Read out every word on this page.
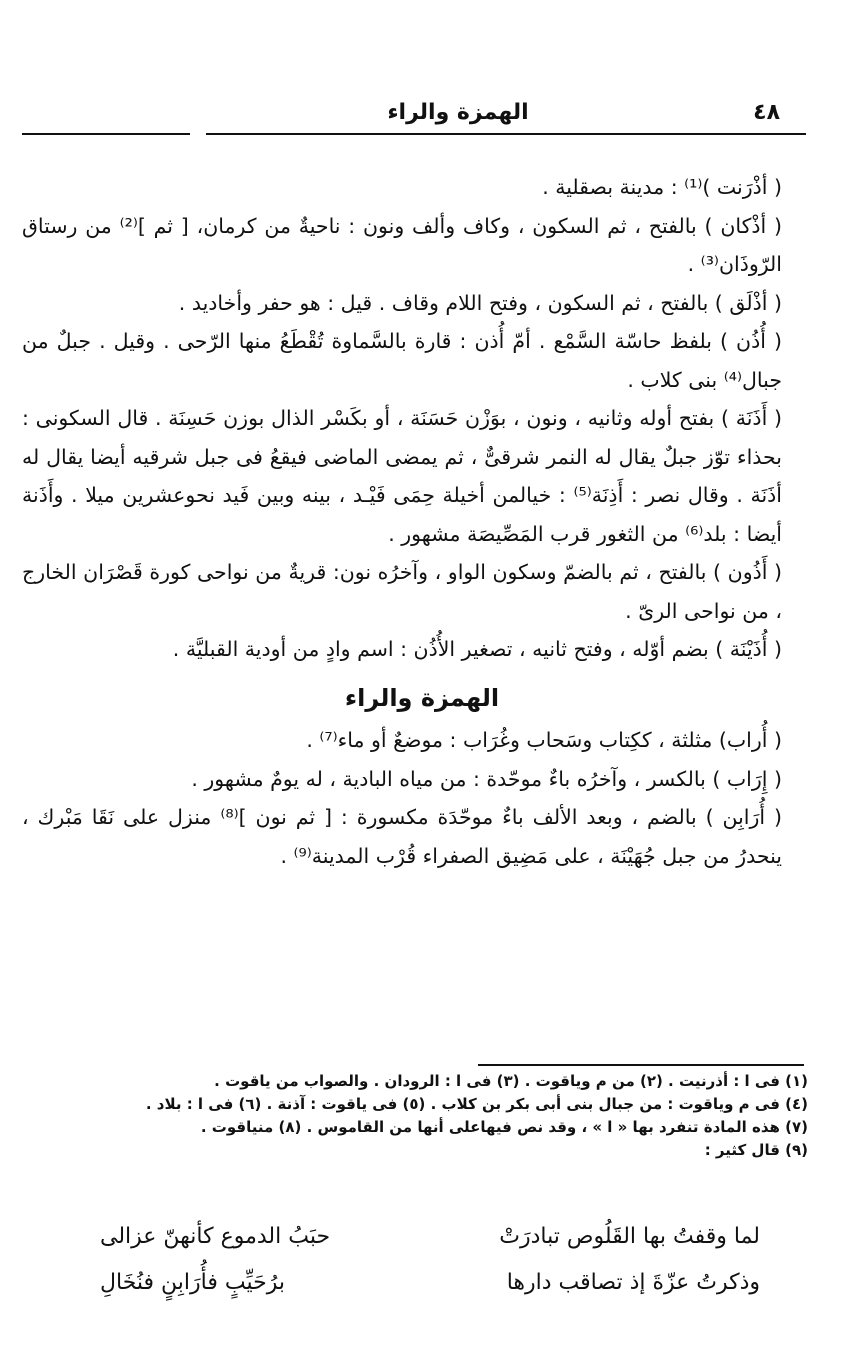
٤٨
الهمزة والراء

( أذْرَنت )⁽¹⁾ : مدينة بصقلية .

( أذْكان ) بالفتح ، ثم السكون ، وكاف وألف ونون : ناحيةٌ من كرمان، [ ثم ]⁽²⁾ من رستاق الرّوذَان⁽³⁾ .

( أذْلَق ) بالفتح ، ثم السكون ، وفتح اللام وقاف . قيل : هو حفر وأخاديد .

( أُذُن ) بلفظ حاسّة السَّمْع . أمّ أُذن : قارة بالسَّماوة تُقْطَعُ منها الرّحى . وقيل . جبلٌ من جبال⁽⁴⁾ بنى كلاب .

( أَذَنَة ) بفتح أوله وثانيه ، ونون ، بوَزْن حَسَنَة ، أو بكَسْر الذال بوزن حَسِنَة . قال السكونى : بحذاء توّز جبلٌ يقال له النمر شرقىٌّ ، ثم يمضى الماضى فيقعُ فى جبل شرقيه أيضا يقال له أذَنَة . وقال نصر : أَذِنَة⁽⁵⁾ : خيالمن أخيلة حِمَى فَيْـد ، بينه وبين فَيد نحوعشرين ميلا . وأَذَنة أيضا : بلد⁽⁶⁾ من الثغور قرب المَصِّيصَة مشهور .

( أَذُون ) بالفتح ، ثم بالضمّ وسكون الواو ، وآخرُه نون: قريةٌ من نواحى كورة قَصْرَان الخارج ، من نواحى الرىّ .

( أُذَيْنَة ) بضم أوّله ، وفتح ثانيه ، تصغير الأُذُن : اسم وادٍ من أودية القبليَّة .

الهمزة والراء

( أُراب) مثلثة ، ككِتاب وسَحاب وغُرَاب : موضعٌ أو ماء⁽⁷⁾ .

( إِرَاب ) بالكسر ، وآخرُه باءٌ موحّدة : من مياه البادية ، له يومٌ مشهور .

( أُرَابِن ) بالضم ، وبعد الألف باءٌ موحّدَة مكسورة : [ ثم نون ]⁽⁸⁾ منزل على نَقَا مَبْرك ، ينحدرُ من جبل جُهَيْنَة ، على مَضِيق الصفراء قُرْب المدينة⁽⁹⁾ .

(١) فى ا : أذرنيت . (٢) من م وياقوت . (٣) فى ا : الرودان . والصواب من ياقوت .

(٤) فى م وياقوت : من جبال بنى أبى بكر بن كلاب . (٥) فى ياقوت : آذنة . (٦) فى ا : بلاد .

(٧) هذه المادة تنفرد بها « ا » ، وقد نص فيهاعلى أنها من القاموس . (٨) منياقوت .

(٩) قال كثير :

لما وقفتُ بها القَلُوص تبادرَتْ
حبَبُ الدموع كأنهنّ عزالى
وذكرتُ عزّةَ إذ تصاقب دارها
برُحَيِّبٍ فأُرَابِنٍ فنُخَالِ
